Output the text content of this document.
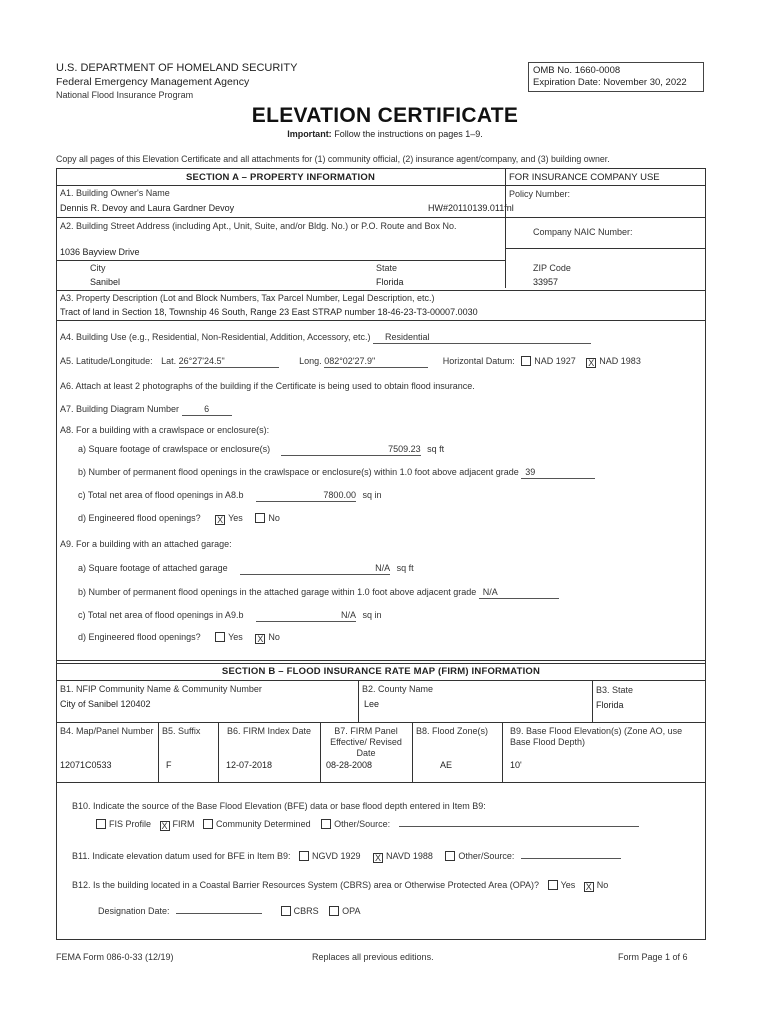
U.S. DEPARTMENT OF HOMELAND SECURITY
Federal Emergency Management Agency
National Flood Insurance Program
OMB No. 1660-0008
Expiration Date: November 30, 2022
ELEVATION CERTIFICATE
Important: Follow the instructions on pages 1–9.
Copy all pages of this Elevation Certificate and all attachments for (1) community official, (2) insurance agent/company, and (3) building owner.
SECTION A – PROPERTY INFORMATION	FOR INSURANCE COMPANY USE
A1. Building Owner's Name
Dennis R. Devoy and Laura Gardner Devoy	HW#20110139.011fnl
Policy Number:
A2. Building Street Address (including Apt., Unit, Suite, and/or Bldg. No.) or P.O. Route and Box No.
1036 Bayview Drive
Company NAIC Number:
City
Sanibel
State
Florida
ZIP Code
33957
A3. Property Description (Lot and Block Numbers, Tax Parcel Number, Legal Description, etc.)
Tract of land in Section 18, Township 46 South, Range 23 East STRAP number 18-46-23-T3-00007.0030
A4. Building Use (e.g., Residential, Non-Residential, Addition, Accessory, etc.) Residential
A5. Latitude/Longitude: Lat. 26°27'24.5"	Long. 082°02'27.9"	Horizontal Datum: NAD 1927 X NAD 1983
A6. Attach at least 2 photographs of the building if the Certificate is being used to obtain flood insurance.
A7. Building Diagram Number	6
A8. For a building with a crawlspace or enclosure(s):
a) Square footage of crawlspace or enclosure(s)	7509.23 sq ft
b) Number of permanent flood openings in the crawlspace or enclosure(s) within 1.0 foot above adjacent grade 39
c) Total net area of flood openings in A8.b	7800.00 sq in
d) Engineered flood openings? X Yes	No
A9. For a building with an attached garage:
a) Square footage of attached garage	N/A sq ft
b) Number of permanent flood openings in the attached garage within 1.0 foot above adjacent grade N/A
c) Total net area of flood openings in A9.b	N/A sq in
d) Engineered flood openings?	Yes X No
SECTION B – FLOOD INSURANCE RATE MAP (FIRM) INFORMATION
B1. NFIP Community Name & Community Number
City of Sanibel 120402
B2. County Name
Lee
B3. State
Florida
B4. Map/Panel Number
12071C0533
B5. Suffix
F
B6. FIRM Index Date
12-07-2018
B7. FIRM Panel Effective/ Revised Date
08-28-2008
B8. Flood Zone(s)
AE
B9. Base Flood Elevation(s) (Zone AO, use Base Flood Depth)
10'
B10. Indicate the source of the Base Flood Elevation (BFE) data or base flood depth entered in Item B9:
FIS Profile X FIRM Community Determined	Other/Source:
B11. Indicate elevation datum used for BFE in Item B9: NGVD 1929 X NAVD 1988	Other/Source:
B12. Is the building located in a Coastal Barrier Resources System (CBRS) area or Otherwise Protected Area (OPA)? Yes X No
Designation Date:	CBRS	OPA
FEMA Form 086-0-33 (12/19)	Replaces all previous editions.	Form Page 1 of 6
